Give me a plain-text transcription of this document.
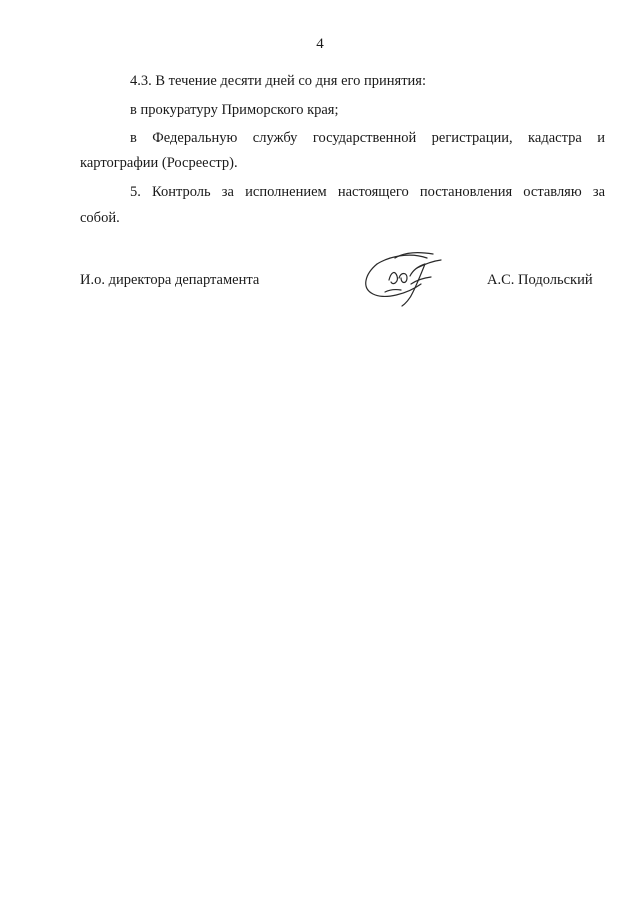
4
4.3. В течение десяти дней со дня его принятия:
в прокуратуру Приморского края;
в Федеральную службу государственной регистрации, кадастра и
картографии (Росреестр).
5. Контроль за исполнением настоящего постановления оставляю за
собой.
И.о. директора департамента	А.С. Подольский
